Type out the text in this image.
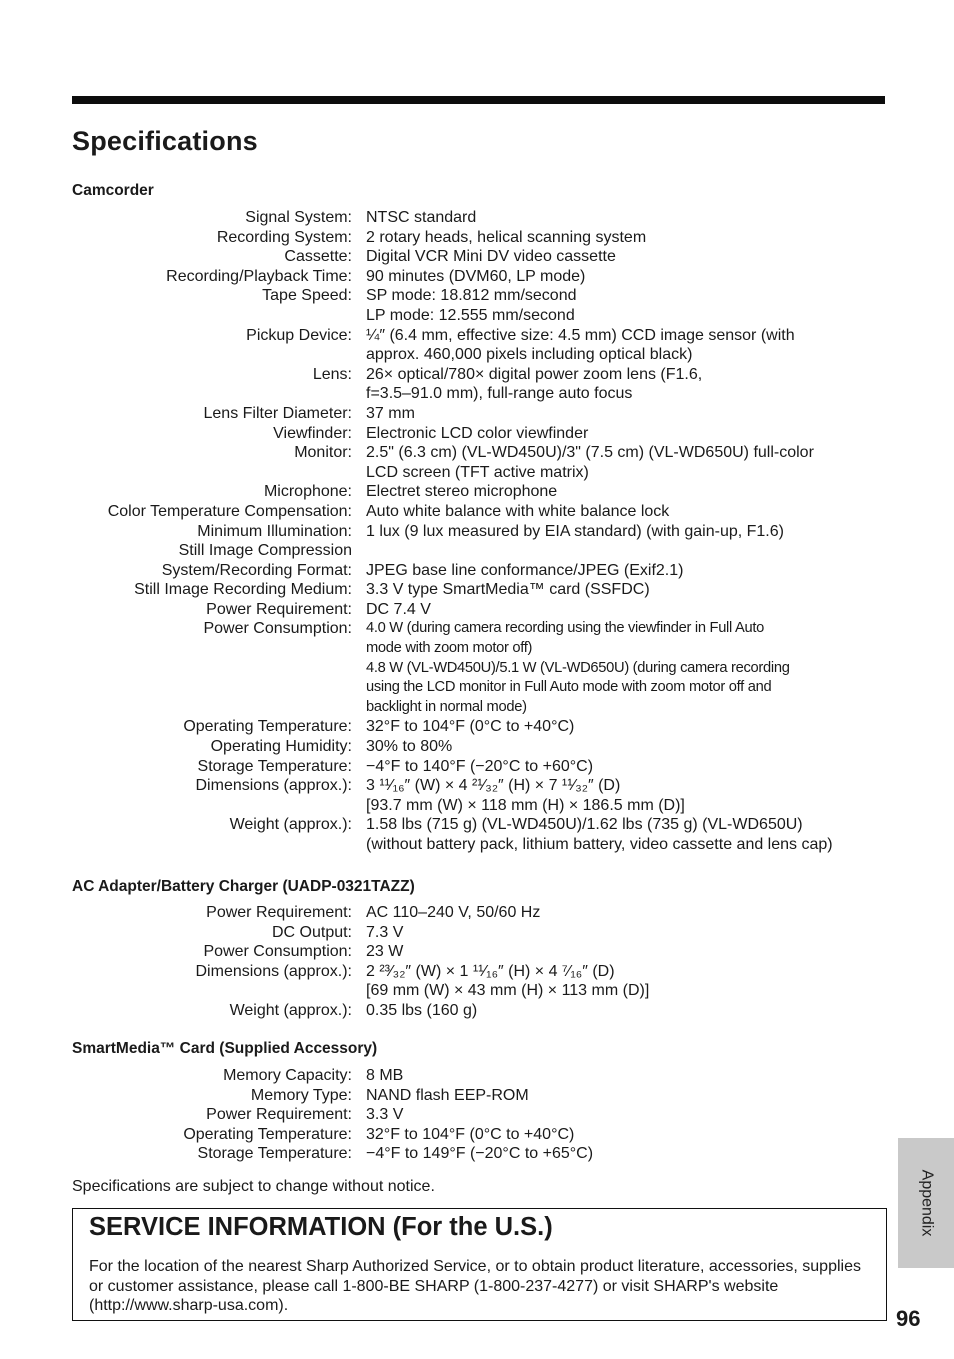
Specifications
Camcorder
Signal System: NTSC standard
Recording System: 2 rotary heads, helical scanning system
Cassette: Digital VCR Mini DV video cassette
Recording/Playback Time: 90 minutes (DVM60, LP mode)
Tape Speed: SP mode: 18.812 mm/second
LP mode: 12.555 mm/second
Pickup Device: ¼″ (6.4 mm, effective size: 4.5 mm) CCD image sensor (with
approx. 460,000 pixels including optical black)
Lens: 26× optical/780× digital power zoom lens (F1.6,
f=3.5–91.0 mm), full-range auto focus
Lens Filter Diameter: 37 mm
Viewfinder: Electronic LCD color viewfinder
Monitor: 2.5" (6.3 cm) (VL-WD450U)/3" (7.5 cm) (VL-WD650U) full-color
LCD screen (TFT active matrix)
Microphone: Electret stereo microphone
Color Temperature Compensation: Auto white balance with white balance lock
Minimum Illumination: 1 lux (9 lux measured by EIA standard) (with gain-up, F1.6)
Still Image Compression

System/Recording Format: JPEG base line conformance/JPEG (Exif2.1)
Still Image Recording Medium: 3.3 V type SmartMedia™ card (SSFDC)
Power Requirement: DC 7.4 V
Power Consumption: 4.0 W (during camera recording using the viewfinder in Full Auto
mode with zoom motor off)
4.8 W (VL-WD450U)/5.1 W (VL-WD650U) (during camera recording
using the LCD monitor in Full Auto mode with zoom motor off and
backlight in normal mode)
Operating Temperature: 32°F to 104°F (0°C to +40°C)
Operating Humidity: 30% to 80%
Storage Temperature: −4°F to 140°F (−20°C to +60°C)
Dimensions (approx.): 3 ¹¹⁄₁₆″ (W) × 4 ²¹⁄₃₂″ (H) × 7 ¹¹⁄₃₂″ (D)
[93.7 mm (W) × 118 mm (H) × 186.5 mm (D)]
Weight (approx.): 1.58 lbs (715 g) (VL-WD450U)/1.62 lbs (735 g) (VL-WD650U)
(without battery pack, lithium battery, video cassette and lens cap)
AC Adapter/Battery Charger (UADP-0321TAZZ)
Power Requirement: AC 110–240 V, 50/60 Hz
DC Output: 7.3 V
Power Consumption: 23 W
Dimensions (approx.): 2 ²³⁄₃₂″ (W) × 1 ¹¹⁄₁₆″ (H) × 4 ⁷⁄₁₆″ (D)
[69 mm (W) × 43 mm (H) × 113 mm (D)]
Weight (approx.): 0.35 lbs (160 g)
SmartMedia™ Card (Supplied Accessory)
Memory Capacity: 8 MB
Memory Type: NAND flash EEP-ROM
Power Requirement: 3.3 V
Operating Temperature: 32°F to 104°F (0°C to +40°C)
Storage Temperature: −4°F to 149°F (−20°C to +65°C)
Specifications are subject to change without notice.
SERVICE INFORMATION (For the U.S.)

For the location of the nearest Sharp Authorized Service, or to obtain product literature, accessories, supplies or customer assistance, please call 1-800-BE SHARP (1-800-237-4277) or visit SHARP's website (http://www.sharp-usa.com).

Appendix
96
